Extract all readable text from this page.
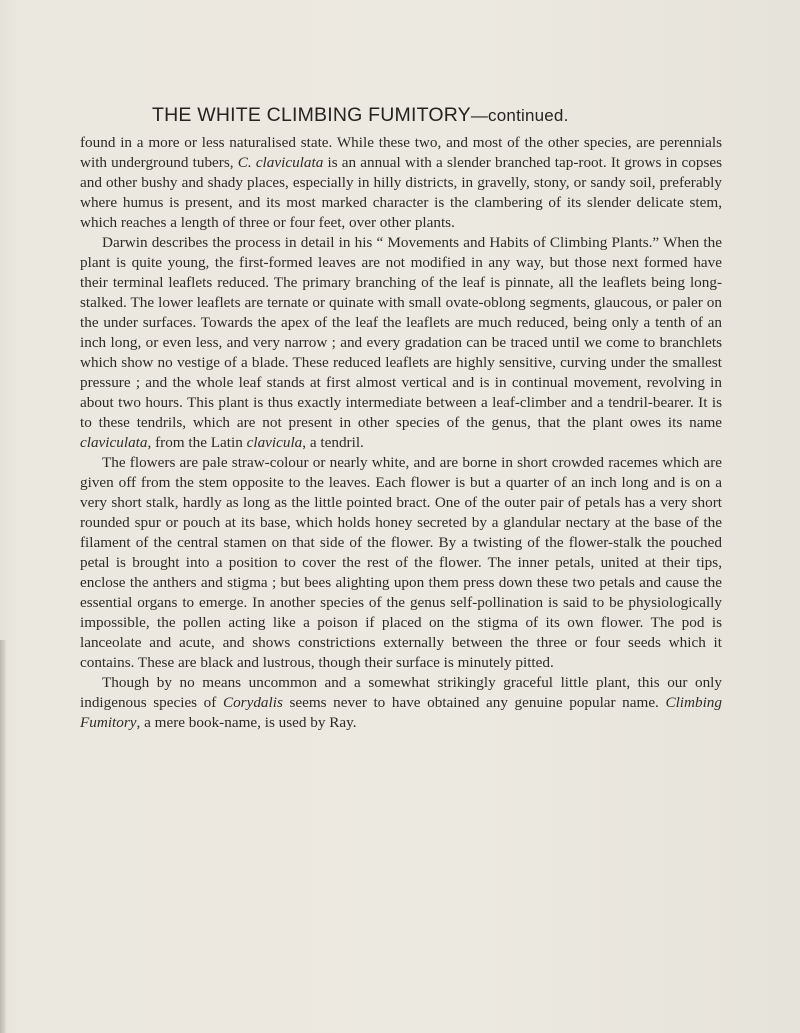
THE WHITE CLIMBING FUMITORY—continued.

found in a more or less naturalised state. While these two, and most of the other species, are perennials with underground tubers, C. claviculata is an annual with a slender branched tap-root. It grows in copses and other bushy and shady places, especially in hilly districts, in gravelly, stony, or sandy soil, preferably where humus is present, and its most marked character is the clambering of its slender delicate stem, which reaches a length of three or four feet, over other plants.

Darwin describes the process in detail in his “ Movements and Habits of Climbing Plants.” When the plant is quite young, the first-formed leaves are not modified in any way, but those next formed have their terminal leaflets reduced. The primary branching of the leaf is pinnate, all the leaflets being long-stalked. The lower leaflets are ternate or quinate with small ovate-oblong segments, glaucous, or paler on the under surfaces. Towards the apex of the leaf the leaflets are much reduced, being only a tenth of an inch long, or even less, and very narrow ; and every gradation can be traced until we come to branchlets which show no vestige of a blade. These reduced leaflets are highly sensitive, curving under the smallest pressure ; and the whole leaf stands at first almost vertical and is in continual movement, revolving in about two hours. This plant is thus exactly intermediate between a leaf-climber and a tendril-bearer. It is to these tendrils, which are not present in other species of the genus, that the plant owes its name claviculata, from the Latin clavicula, a tendril.

The flowers are pale straw-colour or nearly white, and are borne in short crowded racemes which are given off from the stem opposite to the leaves. Each flower is but a quarter of an inch long and is on a very short stalk, hardly as long as the little pointed bract. One of the outer pair of petals has a very short rounded spur or pouch at its base, which holds honey secreted by a glandular nectary at the base of the filament of the central stamen on that side of the flower. By a twisting of the flower-stalk the pouched petal is brought into a position to cover the rest of the flower. The inner petals, united at their tips, enclose the anthers and stigma ; but bees alighting upon them press down these two petals and cause the essential organs to emerge. In another species of the genus self-pollination is said to be physiologically impossible, the pollen acting like a poison if placed on the stigma of its own flower. The pod is lanceolate and acute, and shows constrictions externally between the three or four seeds which it contains. These are black and lustrous, though their surface is minutely pitted.

Though by no means uncommon and a somewhat strikingly graceful little plant, this our only indigenous species of Corydalis seems never to have obtained any genuine popular name. Climbing Fumitory, a mere book-name, is used by Ray.
